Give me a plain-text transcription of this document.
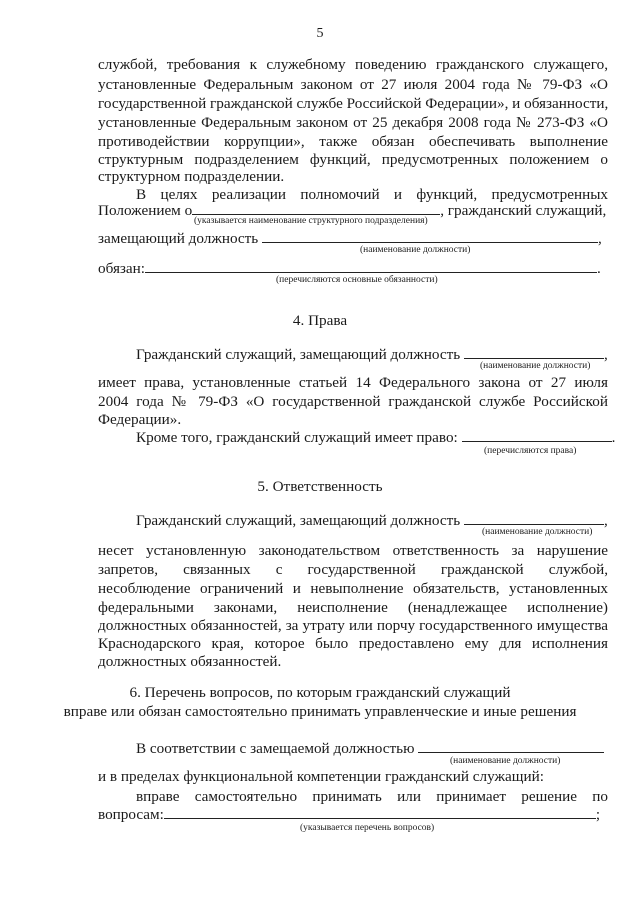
5
службой, требования к служебному поведению гражданского служащего,
установленные Федеральным законом от 27 июля 2004 года № 79-ФЗ «О
государственной гражданской службе Российской Федерации», и обязанности,
установленные Федеральным законом от 25 декабря 2008 года № 273-ФЗ «О
противодействии коррупции», также обязан обеспечивать выполнение
структурным подразделением функций, предусмотренных положением о
структурном подразделении.
В целях реализации полномочий и функций, предусмотренных
Положением о	, гражданский служащий,
(указывается наименование структурного подразделения)
замещающий должность	,
(наименование должности)
обязан:	.
(перечисляются основные обязанности)
4. Права
Гражданский служащий, замещающий должность	,
(наименование должности)
имеет права, установленные статьей 14 Федерального закона от 27 июля
2004 года № 79-ФЗ «О государственной гражданской службе Российской
Федерации».
Кроме того, гражданский служащий имеет право:	.
(перечисляются права)
5. Ответственность
Гражданский служащий, замещающий должность	,
(наименование должности)
несет установленную законодательством ответственность за нарушение
запретов, связанных с государственной гражданской службой,
несоблюдение ограничений и невыполнение обязательств, установленных
федеральными законами, неисполнение (ненадлежащее исполнение)
должностных обязанностей, за утрату или порчу государственного имущества
Краснодарского края, которое было предоставлено ему для исполнения
должностных обязанностей.
6. Перечень вопросов, по которым гражданский служащий
вправе или обязан самостоятельно принимать управленческие и иные решения
В соответствии с замещаемой должностью
(наименование должности)
и в пределах функциональной компетенции гражданский служащий:
вправе самостоятельно принимать или принимает решение по
вопросам:	;
(указывается перечень вопросов)
